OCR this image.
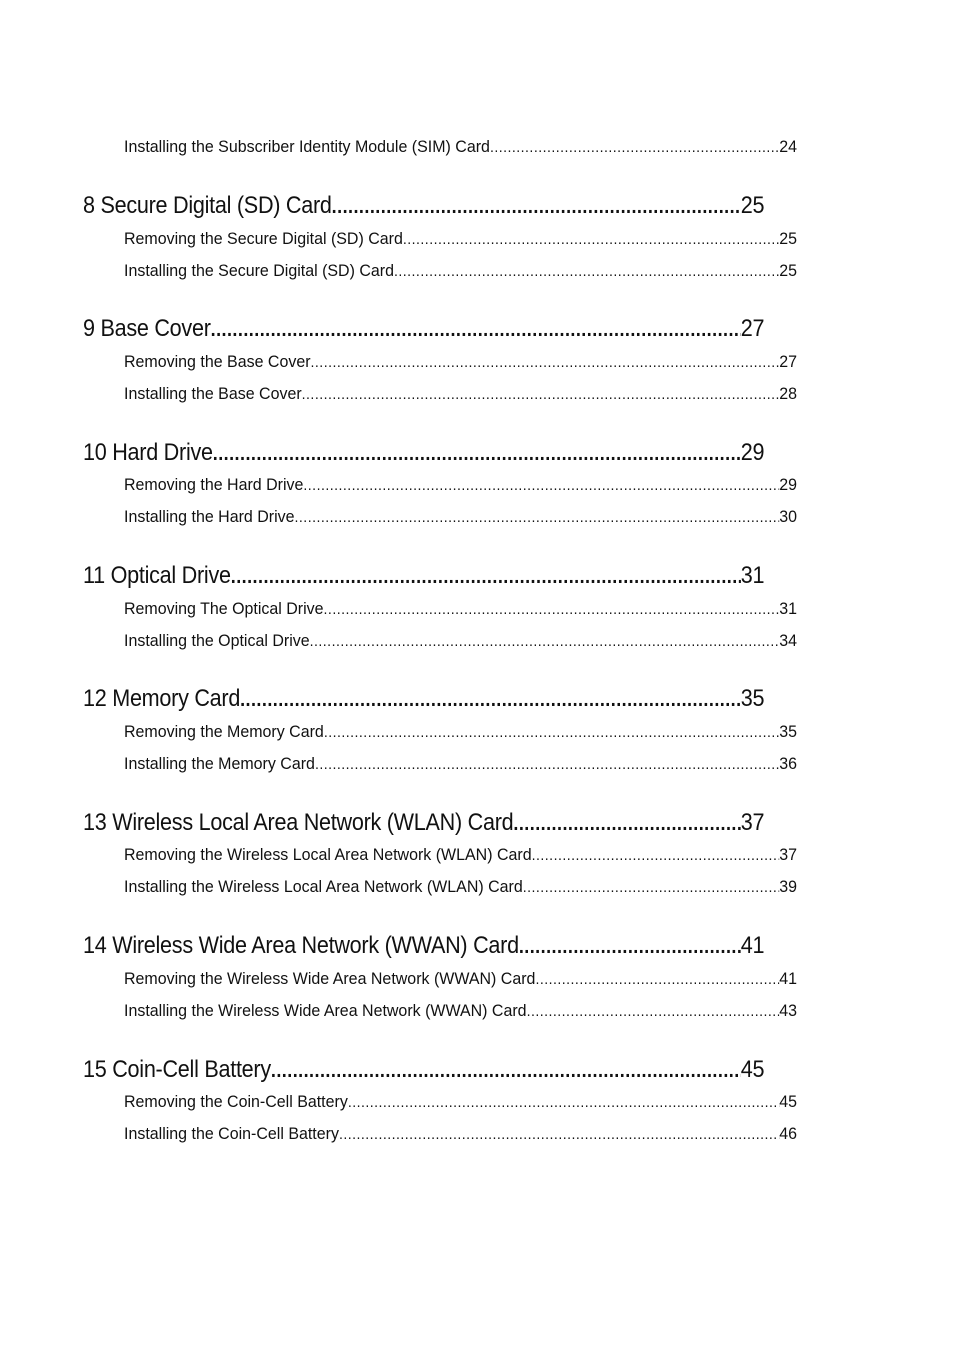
Installing the Subscriber Identity Module (SIM) Card .....	24
8 Secure Digital (SD) Card .....	25
Removing the Secure Digital (SD) Card .....	25
Installing the Secure Digital (SD) Card .....	25
9 Base Cover .....	27
Removing the Base Cover .....	27
Installing the Base Cover .....	28
10 Hard Drive .....	29
Removing the Hard Drive .....	29
Installing the Hard Drive .....	30
11 Optical Drive .....	31
Removing The Optical Drive .....	31
Installing the Optical Drive .....	34
12 Memory Card .....	35
Removing the Memory Card .....	35
Installing the Memory Card .....	36
13 Wireless Local Area Network (WLAN) Card .....	37
Removing the Wireless Local Area Network (WLAN) Card .....	37
Installing the Wireless Local Area Network (WLAN) Card .....	39
14 Wireless Wide Area Network (WWAN) Card .....	41
Removing the Wireless Wide Area Network (WWAN) Card .....	41
Installing the Wireless Wide Area Network (WWAN) Card .....	43
15 Coin-Cell Battery .....	45
Removing the Coin-Cell Battery .....	45
Installing the Coin-Cell Battery .....	46
